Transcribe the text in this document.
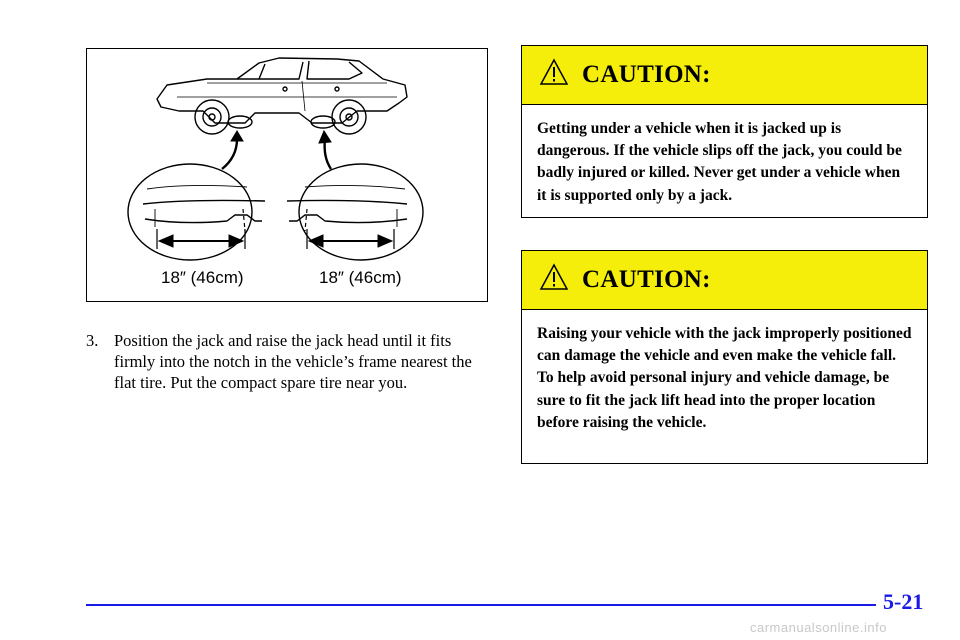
18″ (46cm)	18″ (46cm)
3. Position the jack and raise the jack head until it fits firmly into the notch in the vehicle’s frame nearest the flat tire. Put the compact spare tire near you.
CAUTION:
Getting under a vehicle when it is jacked up is dangerous. If the vehicle slips off the jack, you could be badly injured or killed. Never get under a vehicle when it is supported only by a jack.
CAUTION:
Raising your vehicle with the jack improperly positioned can damage the vehicle and even make the vehicle fall. To help avoid personal injury and vehicle damage, be sure to fit the jack lift head into the proper location before raising the vehicle.
5-21
carmanualsonline.info
